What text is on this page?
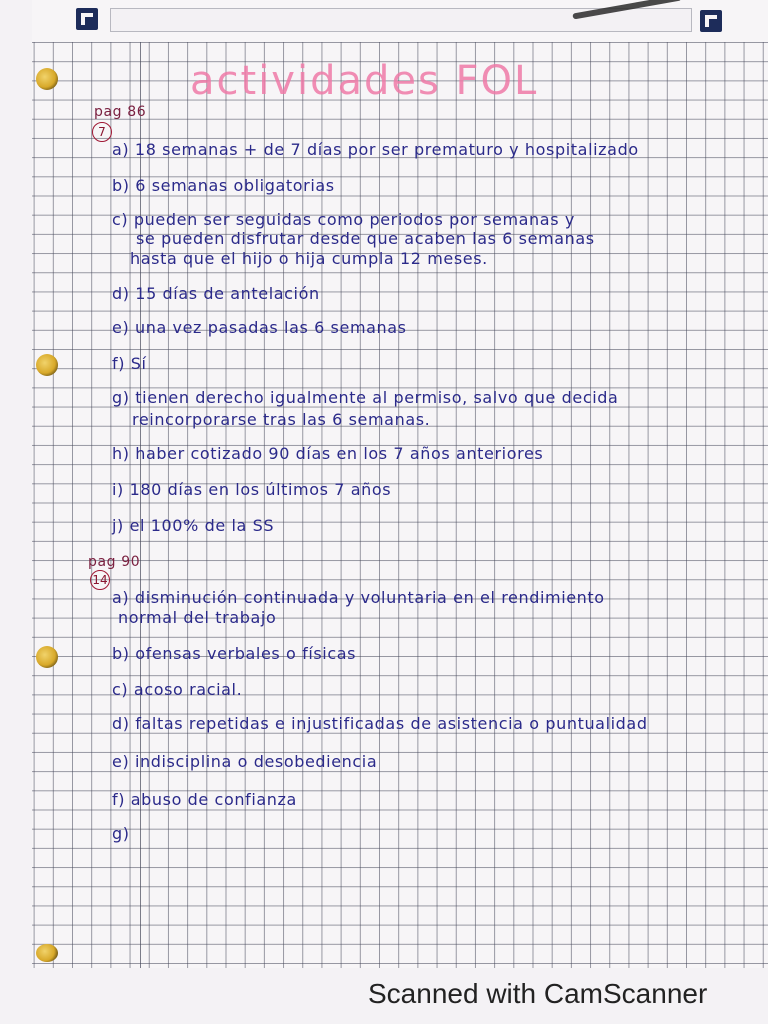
actividades FOL
pag 86
7
a) 18 semanas + de 7 días por ser prematuro y hospitalizado
b) 6 semanas obligatorias
c) pueden ser seguidas como periodos por semanas y
se pueden disfrutar desde que acaben las 6 semanas
hasta que el hijo o hija cumpla 12 meses.
d) 15 días de antelación
e) una vez pasadas las 6 semanas
f) Sí
g) tienen derecho igualmente al permiso, salvo que decida
reincorporarse tras las 6 semanas.
h) haber cotizado 90 días en los 7 años anteriores
i) 180 días en los últimos 7 años
j) el 100% de la SS
pag 90
14
a) disminución continuada y voluntaria en el rendimiento
normal del trabajo
b) ofensas verbales o físicas
c) acoso racial.
d) faltas repetidas e injustificadas de asistencia o puntualidad
e) indisciplina o desobediencia
f) abuso de confianza
g)
Scanned with CamScanner
